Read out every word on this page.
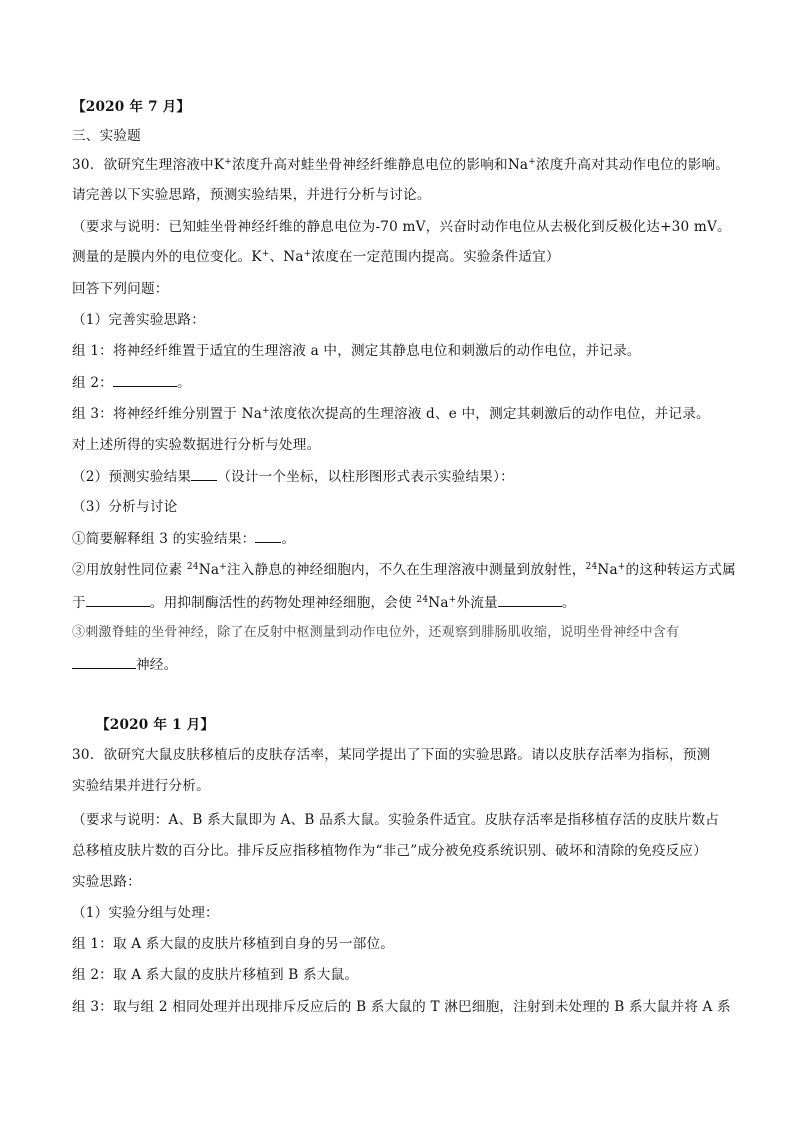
【2020 年 7 月】
三、实验题
30．欲研究生理溶液中K+浓度升高对蛙坐骨神经纤维静息电位的影响和Na+浓度升高对其动作电位的影响。
请完善以下实验思路，预测实验结果，并进行分析与讨论。
（要求与说明：已知蛙坐骨神经纤维的静息电位为-70 mV，兴奋时动作电位从去极化到反极化达+30 mV。
测量的是膜内外的电位变化。K+、Na+浓度在一定范围内提高。实验条件适宜）
回答下列问题：
（1）完善实验思路：
组 1：将神经纤维置于适宜的生理溶液 a 中，测定其静息电位和刺激后的动作电位，并记录。
组 2：	。
组 3：将神经纤维分别置于 Na+浓度依次提高的生理溶液 d、e 中，测定其刺激后的动作电位，并记录。
对上述所得的实验数据进行分析与处理。
（2）预测实验结果 （设计一个坐标，以柱形图形式表示实验结果）：
（3）分析与讨论
①简要解释组 3 的实验结果： 。
②用放射性同位素 $^{24}$Na+注入静息的神经细胞内，不久在生理溶液中测量到放射性，$^{24}$Na+的这种转运方式属
于	。用抑制酶活性的药物处理神经细胞，会使 $^{24}$Na+外流量	。
③刺激脊蛙的坐骨神经，除了在反射中枢测量到动作电位外，还观察到腓肠肌收缩，说明坐骨神经中含有
神经。
【2020 年 1 月】
30．欲研究大鼠皮肤移植后的皮肤存活率，某同学提出了下面的实验思路。请以皮肤存活率为指标，预测
实验结果并进行分析。
（要求与说明：A、B 系大鼠即为 A、B 品系大鼠。实验条件适宜。皮肤存活率是指移植存活的皮肤片数占
总移植皮肤片数的百分比。排斥反应指移植物作为“非己”成分被免疫系统识别、破坏和清除的免疫反应）
实验思路：
（1）实验分组与处理：
组 1：取 A 系大鼠的皮肤片移植到自身的另一部位。
组 2：取 A 系大鼠的皮肤片移植到 B 系大鼠。
组 3：取与组 2 相同处理并出现排斥反应后的 B 系大鼠的 T 淋巴细胞，注射到未处理的 B 系大鼠并将 A 系
